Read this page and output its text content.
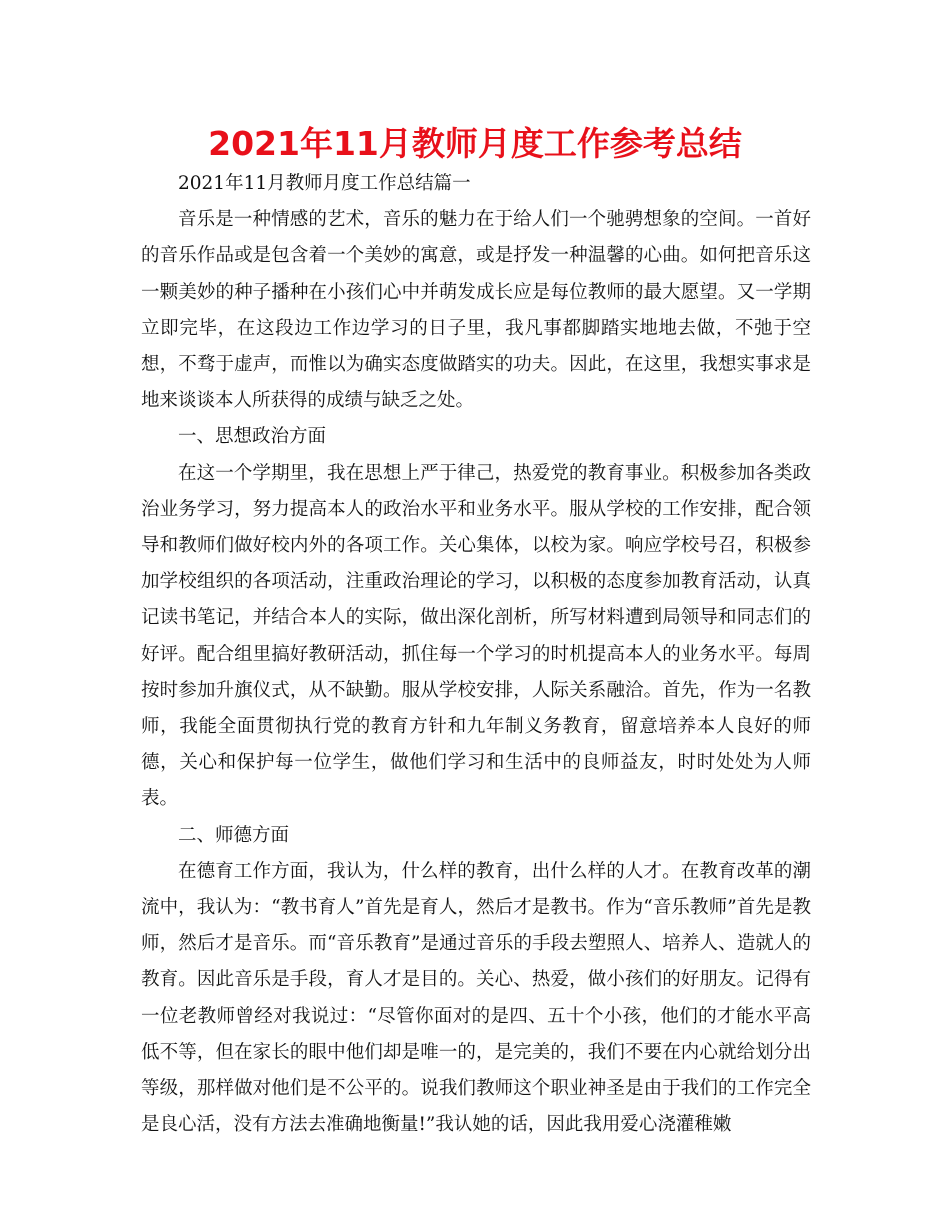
2021年11月教师月度工作参考总结

2021年11月教师月度工作总结篇一

音乐是一种情感的艺术，音乐的魅力在于给人们一个驰骋想象的空间。一首好的音乐作品或是包含着一个美妙的寓意，或是抒发一种温馨的心曲。如何把音乐这一颗美妙的种子播种在小孩们心中并萌发成长应是每位教师的最大愿望。又一学期立即完毕，在这段边工作边学习的日子里，我凡事都脚踏实地地去做，不弛于空想，不骛于虚声，而惟以为确实态度做踏实的功夫。因此，在这里，我想实事求是地来谈谈本人所获得的成绩与缺乏之处。

一、思想政治方面

在这一个学期里，我在思想上严于律己，热爱党的教育事业。积极参加各类政治业务学习，努力提高本人的政治水平和业务水平。服从学校的工作安排，配合领导和教师们做好校内外的各项工作。关心集体，以校为家。响应学校号召，积极参加学校组织的各项活动，注重政治理论的学习，以积极的态度参加教育活动，认真记读书笔记，并结合本人的实际，做出深化剖析，所写材料遭到局领导和同志们的好评。配合组里搞好教研活动，抓住每一个学习的时机提高本人的业务水平。每周按时参加升旗仪式，从不缺勤。服从学校安排，人际关系融洽。首先，作为一名教师，我能全面贯彻执行党的教育方针和九年制义务教育，留意培养本人良好的师德，关心和保护每一位学生，做他们学习和生活中的良师益友，时时处处为人师表。

二、师德方面

在德育工作方面，我认为，什么样的教育，出什么样的人才。在教育改革的潮流中，我认为：“教书育人”首先是育人，然后才是教书。作为“音乐教师”首先是教师，然后才是音乐。而“音乐教育”是通过音乐的手段去塑照人、培养人、造就人的教育。因此音乐是手段，育人才是目的。关心、热爱，做小孩们的好朋友。记得有一位老教师曾经对我说过：“尽管你面对的是四、五十个小孩，他们的才能水平高低不等，但在家长的眼中他们却是唯一的，是完美的，我们不要在内心就给划分出等级，那样做对他们是不公平的。说我们教师这个职业神圣是由于我们的工作完全是良心活，没有方法去准确地衡量!”我认她的话，因此我用爱心浇灌稚嫩
